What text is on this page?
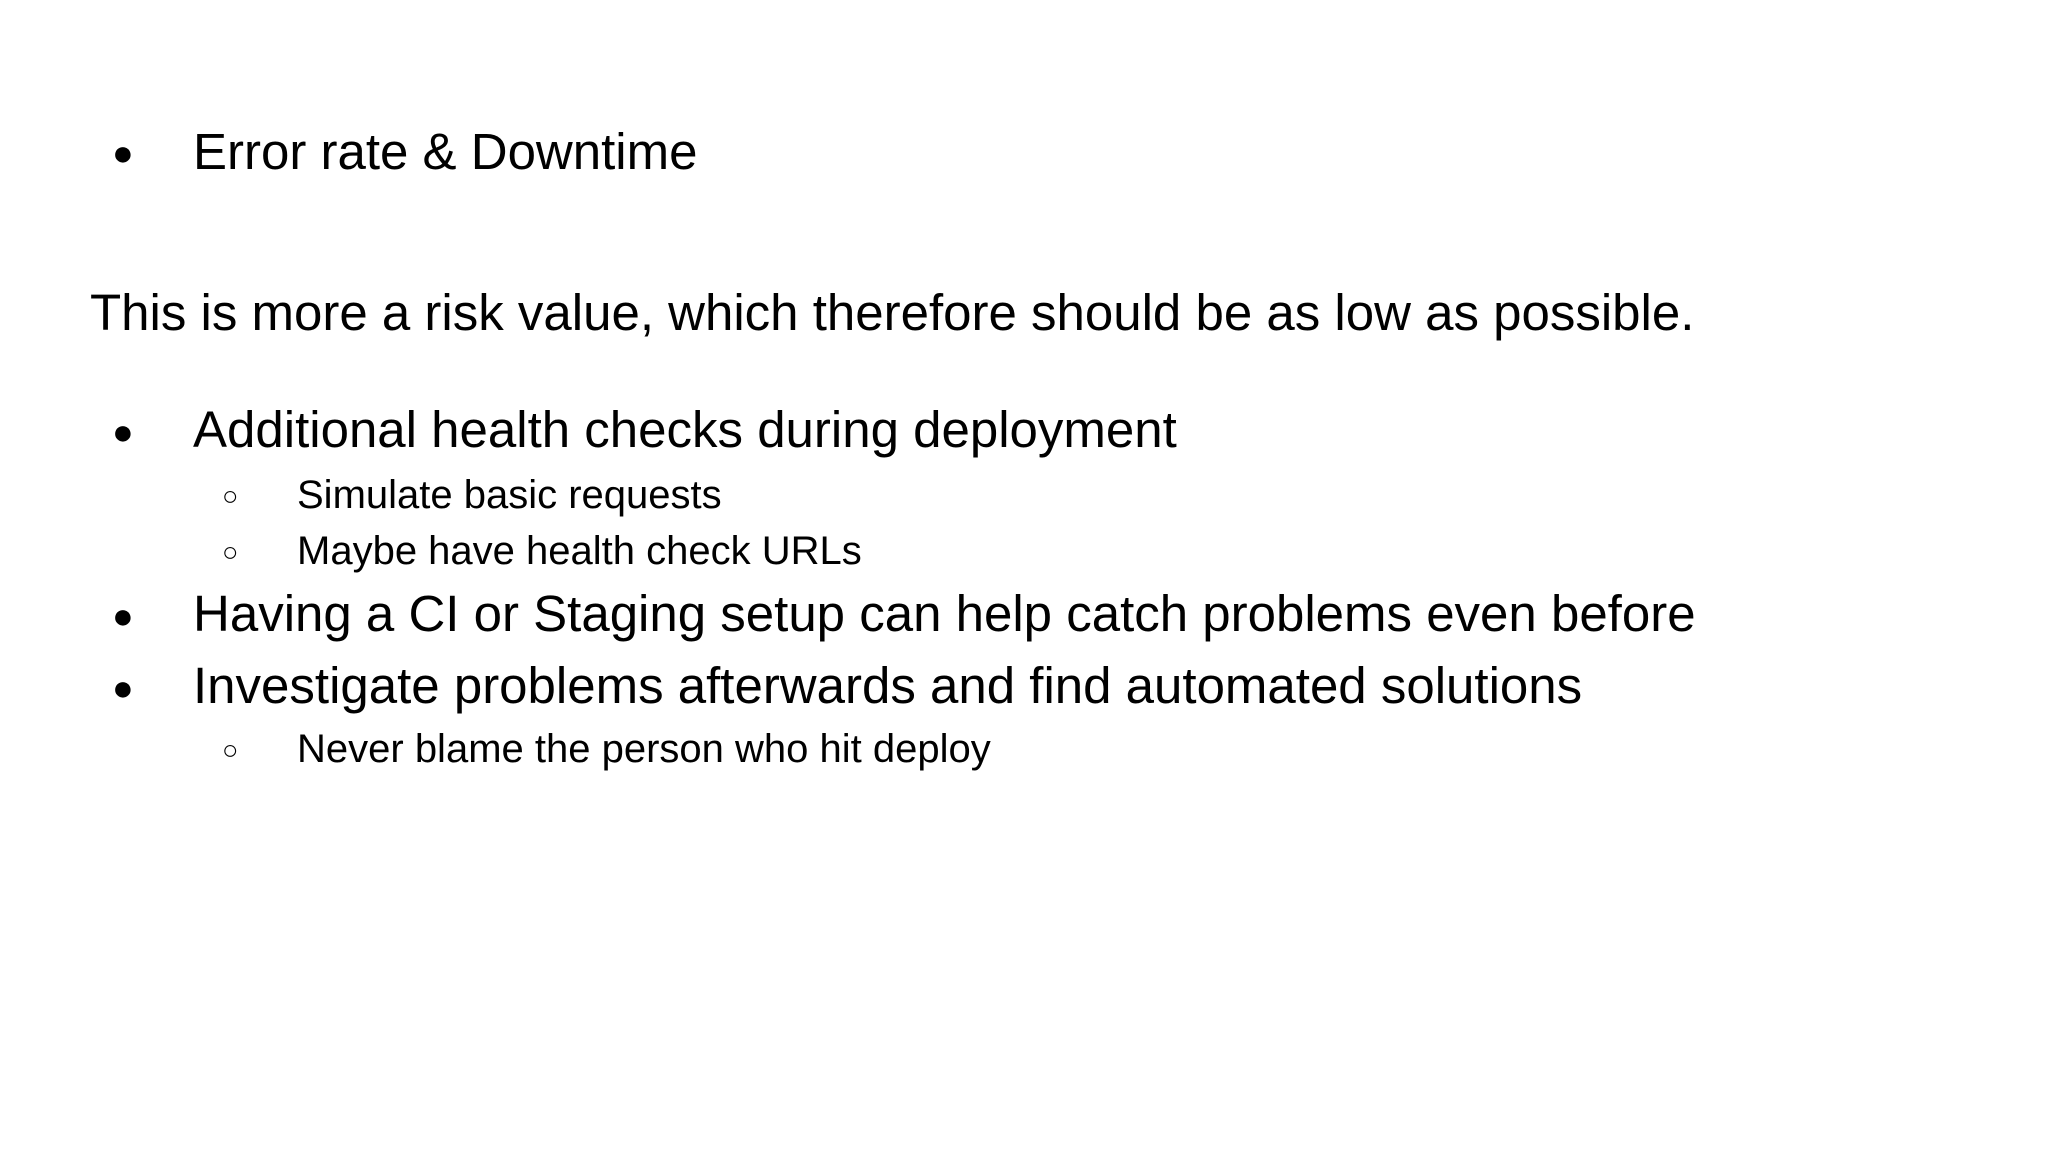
● Error rate & Downtime
This is more a risk value, which therefore should be as low as possible.
● Additional health checks during deployment
○ Simulate basic requests
○ Maybe have health check URLs
● Having a CI or Staging setup can help catch problems even before
● Investigate problems afterwards and find automated solutions
○ Never blame the person who hit deploy
